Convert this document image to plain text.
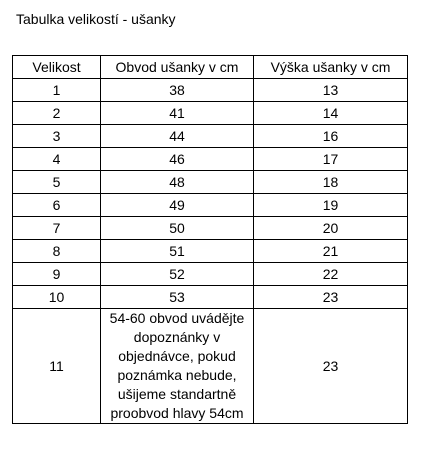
Tabulka velikostí - ušanky
Velikost	Obvod ušanky v cm	Výška ušanky v cm
1	38	13
2	41	14
3	44	16
4	46	17
5	48	18
6	49	19
7	50	20
8	51	21
9	52	22
10	53	23
11	54-60 obvod uvádějte dopoznánky v objednávce, pokud poznámka nebude, ušijeme standartně proobvod hlavy 54cm	23
